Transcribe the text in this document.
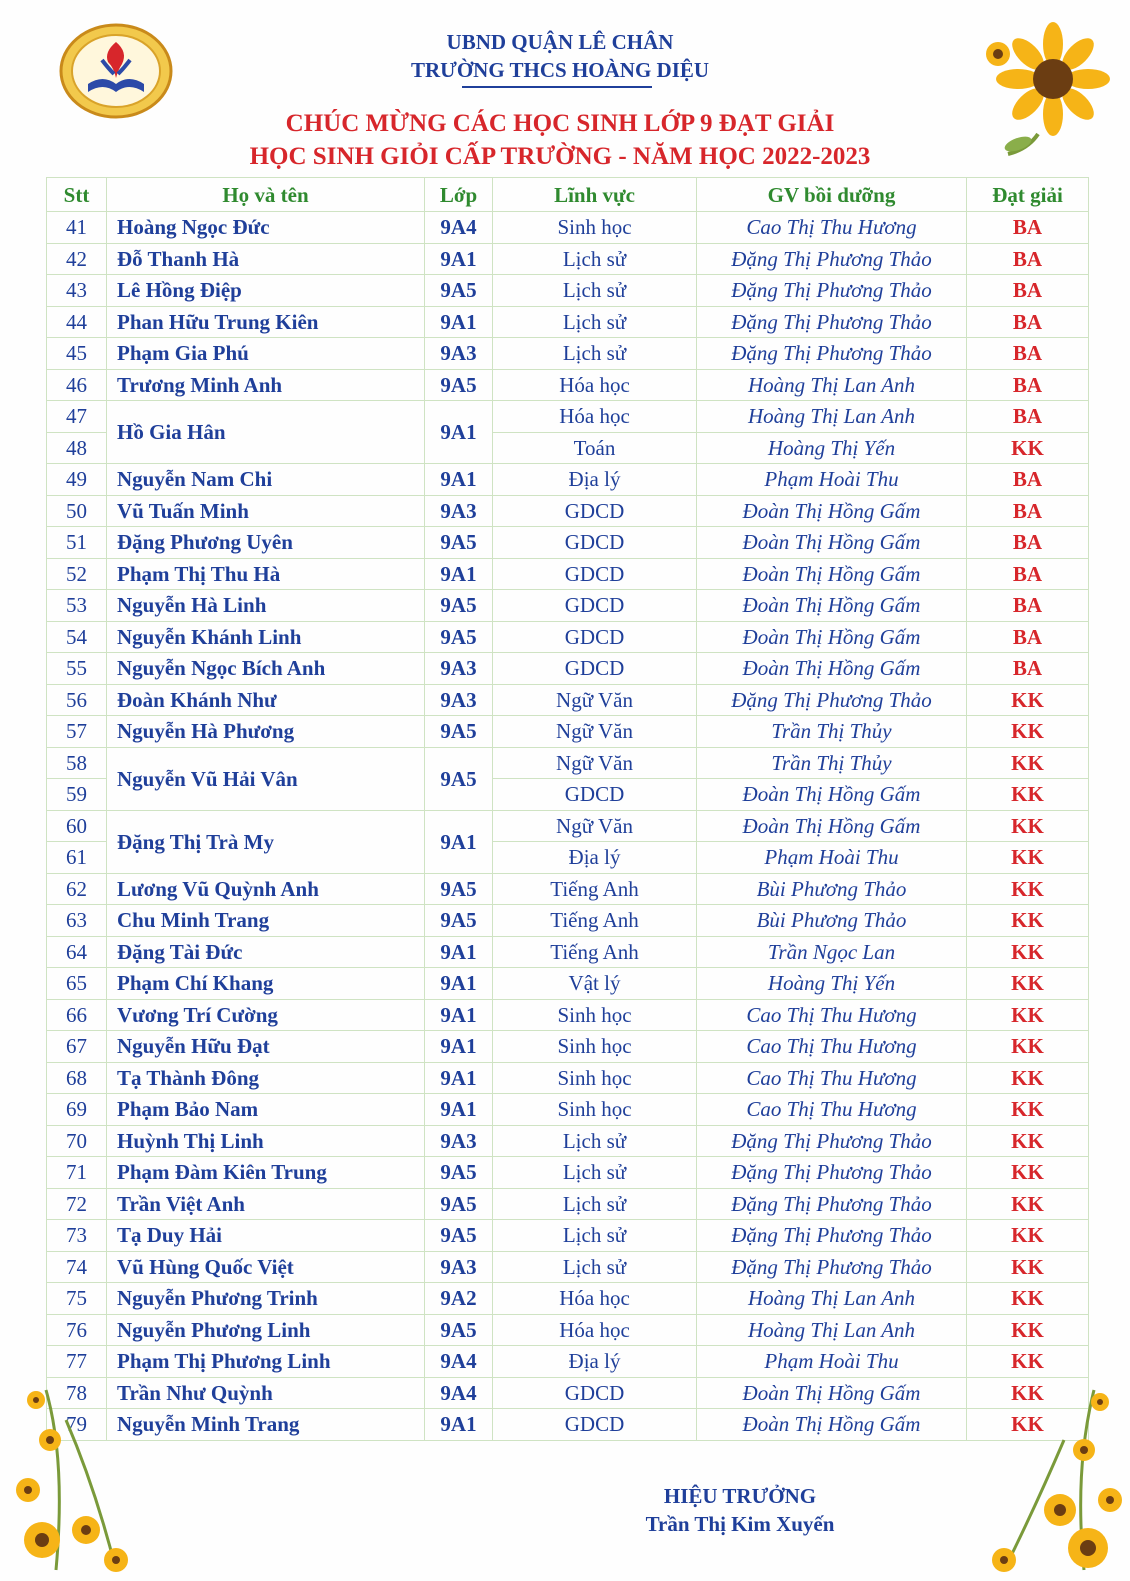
UBND QUẬN LÊ CHÂN
TRƯỜNG THCS HOÀNG DIỆU
CHÚC MỪNG CÁC HỌC SINH LỚP 9 ĐẠT GIẢI
HỌC SINH GIỎI CẤP TRƯỜNG - NĂM HỌC 2022-2023
Stt	Họ và tên	Lớp	Lĩnh vực	GV bồi dưỡng	Đạt giải
41	Hoàng Ngọc Đức	9A4	Sinh học	Cao Thị Thu Hương	BA
42	Đỗ Thanh Hà	9A1	Lịch sử	Đặng Thị Phương Thảo	BA
43	Lê Hồng Điệp	9A5	Lịch sử	Đặng Thị Phương Thảo	BA
44	Phan Hữu Trung Kiên	9A1	Lịch sử	Đặng Thị Phương Thảo	BA
45	Phạm Gia Phú	9A3	Lịch sử	Đặng Thị Phương Thảo	BA
46	Trương Minh Anh	9A5	Hóa học	Hoàng Thị Lan Anh	BA
47	Hồ Gia Hân	9A1	Hóa học	Hoàng Thị Lan Anh	BA
48			Toán	Hoàng Thị Yến	KK
49	Nguyễn Nam Chi	9A1	Địa lý	Phạm Hoài Thu	BA
50	Vũ Tuấn Minh	9A3	GDCD	Đoàn Thị Hồng Gấm	BA
51	Đặng Phương Uyên	9A5	GDCD	Đoàn Thị Hồng Gấm	BA
52	Phạm Thị Thu Hà	9A1	GDCD	Đoàn Thị Hồng Gấm	BA
53	Nguyễn Hà Linh	9A5	GDCD	Đoàn Thị Hồng Gấm	BA
54	Nguyễn Khánh Linh	9A5	GDCD	Đoàn Thị Hồng Gấm	BA
55	Nguyễn Ngọc Bích Anh	9A3	GDCD	Đoàn Thị Hồng Gấm	BA
56	Đoàn Khánh Như	9A3	Ngữ Văn	Đặng Thị Phương Thảo	KK
57	Nguyễn Hà Phương	9A5	Ngữ Văn	Trần Thị Thủy	KK
58	Nguyễn Vũ Hải Vân	9A5	Ngữ Văn	Trần Thị Thủy	KK
59			GDCD	Đoàn Thị Hồng Gấm	KK
60	Đặng Thị Trà My	9A1	Ngữ Văn	Đoàn Thị Hồng Gấm	KK
61			Địa lý	Phạm Hoài Thu	KK
62	Lương Vũ Quỳnh Anh	9A5	Tiếng Anh	Bùi Phương Thảo	KK
63	Chu Minh Trang	9A5	Tiếng Anh	Bùi Phương Thảo	KK
64	Đặng Tài Đức	9A1	Tiếng Anh	Trần Ngọc Lan	KK
65	Phạm Chí Khang	9A1	Vật lý	Hoàng Thị Yến	KK
66	Vương Trí Cường	9A1	Sinh học	Cao Thị Thu Hương	KK
67	Nguyễn Hữu Đạt	9A1	Sinh học	Cao Thị Thu Hương	KK
68	Tạ Thành Đông	9A1	Sinh học	Cao Thị Thu Hương	KK
69	Phạm Bảo Nam	9A1	Sinh học	Cao Thị Thu Hương	KK
70	Huỳnh Thị Linh	9A3	Lịch sử	Đặng Thị Phương Thảo	KK
71	Phạm Đàm Kiên Trung	9A5	Lịch sử	Đặng Thị Phương Thảo	KK
72	Trần Việt Anh	9A5	Lịch sử	Đặng Thị Phương Thảo	KK
73	Tạ Duy Hải	9A5	Lịch sử	Đặng Thị Phương Thảo	KK
74	Vũ Hùng Quốc Việt	9A3	Lịch sử	Đặng Thị Phương Thảo	KK
75	Nguyễn Phương Trinh	9A2	Hóa học	Hoàng Thị Lan Anh	KK
76	Nguyễn Phương Linh	9A5	Hóa học	Hoàng Thị Lan Anh	KK
77	Phạm Thị Phương Linh	9A4	Địa lý	Phạm Hoài Thu	KK
78	Trần Như Quỳnh	9A4	GDCD	Đoàn Thị Hồng Gấm	KK
79	Nguyễn Minh Trang	9A1	GDCD	Đoàn Thị Hồng Gấm	KK
HIỆU TRƯỞNG
Trần Thị Kim Xuyến
